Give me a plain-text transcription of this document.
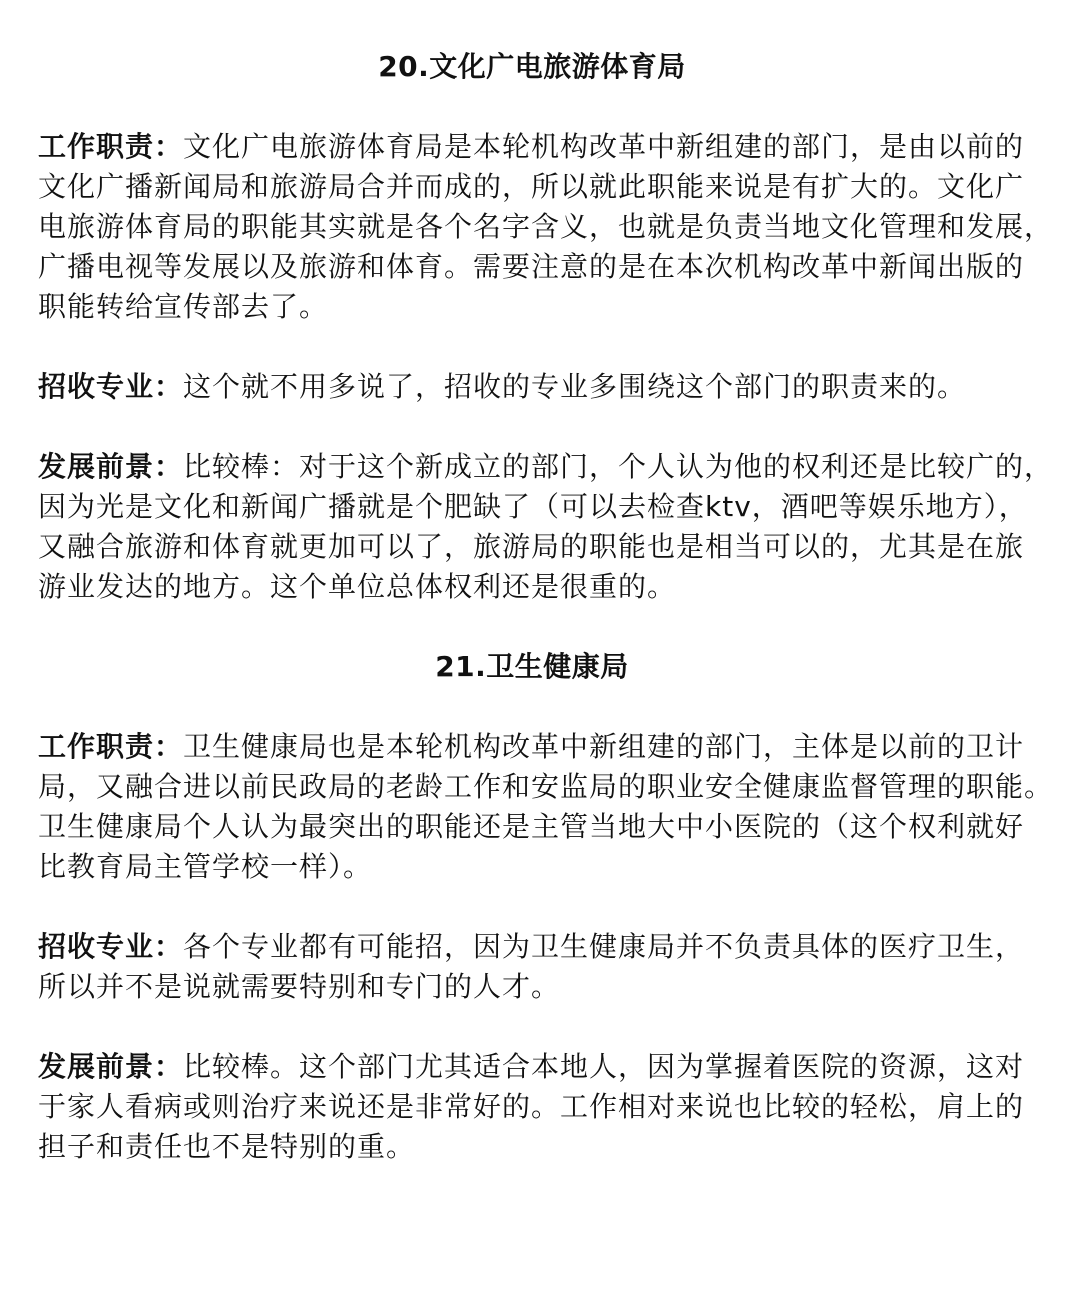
20.文化广电旅游体育局
工作职责：文化广电旅游体育局是本轮机构改革中新组建的部门，是由以前的
文化广播新闻局和旅游局合并而成的，所以就此职能来说是有扩大的。文化广
电旅游体育局的职能其实就是各个名字含义，也就是负责当地文化管理和发展，
广播电视等发展以及旅游和体育。需要注意的是在本次机构改革中新闻出版的
职能转给宣传部去了。
招收专业：这个就不用多说了，招收的专业多围绕这个部门的职责来的。
发展前景：比较棒：对于这个新成立的部门，个人认为他的权利还是比较广的，
因为光是文化和新闻广播就是个肥缺了（可以去检查ktv，酒吧等娱乐地方），
又融合旅游和体育就更加可以了，旅游局的职能也是相当可以的，尤其是在旅
游业发达的地方。这个单位总体权利还是很重的。
21.卫生健康局
工作职责：卫生健康局也是本轮机构改革中新组建的部门，主体是以前的卫计
局，又融合进以前民政局的老龄工作和安监局的职业安全健康监督管理的职能。
卫生健康局个人认为最突出的职能还是主管当地大中小医院的（这个权利就好
比教育局主管学校一样）。
招收专业：各个专业都有可能招，因为卫生健康局并不负责具体的医疗卫生，
所以并不是说就需要特别和专门的人才。
发展前景：比较棒。这个部门尤其适合本地人，因为掌握着医院的资源，这对
于家人看病或则治疗来说还是非常好的。工作相对来说也比较的轻松，肩上的
担子和责任也不是特别的重。
